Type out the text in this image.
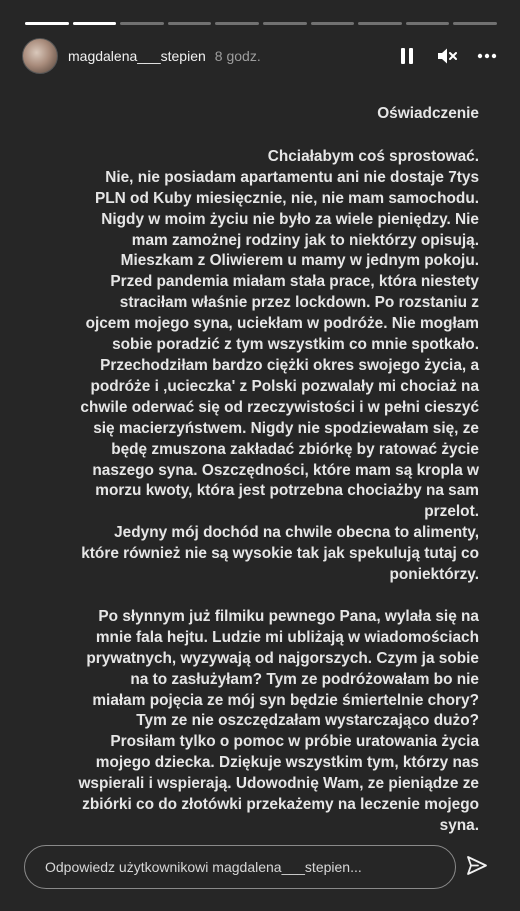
magdalena___stepien 8 godz.

Oświadczenie

Chciałabym coś sprostować.

Nie, nie posiadam apartamentu ani nie dostaje 7tys

PLN od Kuby miesięcznie, nie, nie mam samochodu.

Nigdy w moim życiu nie było za wiele pieniędzy. Nie

mam zamożnej rodziny jak to niektórzy opisują.

Mieszkam z Oliwierem u mamy w jednym pokoju.

Przed pandemia miałam stała prace, która niestety

straciłam właśnie przez lockdown. Po rozstaniu z

ojcem mojego syna, uciekłam w podróże. Nie mogłam

sobie poradzić z tym wszystkim co mnie spotkało.

Przechodziłam bardzo ciężki okres swojego życia, a

podróże i ‚ucieczka' z Polski pozwalały mi chociaż na

chwile oderwać się od rzeczywistości i w pełni cieszyć

się macierzyństwem. Nigdy nie spodziewałam się, ze

będę zmuszona zakładać zbiórkę by ratować życie

naszego syna. Oszczędności, które mam są kropla w

morzu kwoty, która jest potrzebna chociażby na sam

przelot.

Jedyny mój dochód na chwile obecna to alimenty,

które również nie są wysokie tak jak spekulują tutaj co

poniektórzy.

Po słynnym już filmiku pewnego Pana, wylała się na

mnie fala hejtu. Ludzie mi ubliżają w wiadomościach

prywatnych, wyzywają od najgorszych. Czym ja sobie

na to zasłużyłam? Tym ze podróżowałam bo nie

miałam pojęcia ze mój syn będzie śmiertelnie chory?

Tym ze nie oszczędzałam wystarczająco dużo?

Prosiłam tylko o pomoc w próbie uratowania życia

mojego dziecka. Dziękuje wszystkim tym, którzy nas

wspierali i wspierają. Udowodnię Wam, ze pieniądze ze

zbiórki co do złotówki przekażemy na leczenie mojego

syna.

Odpowiedz użytkownikowi magdalena___stepien...
